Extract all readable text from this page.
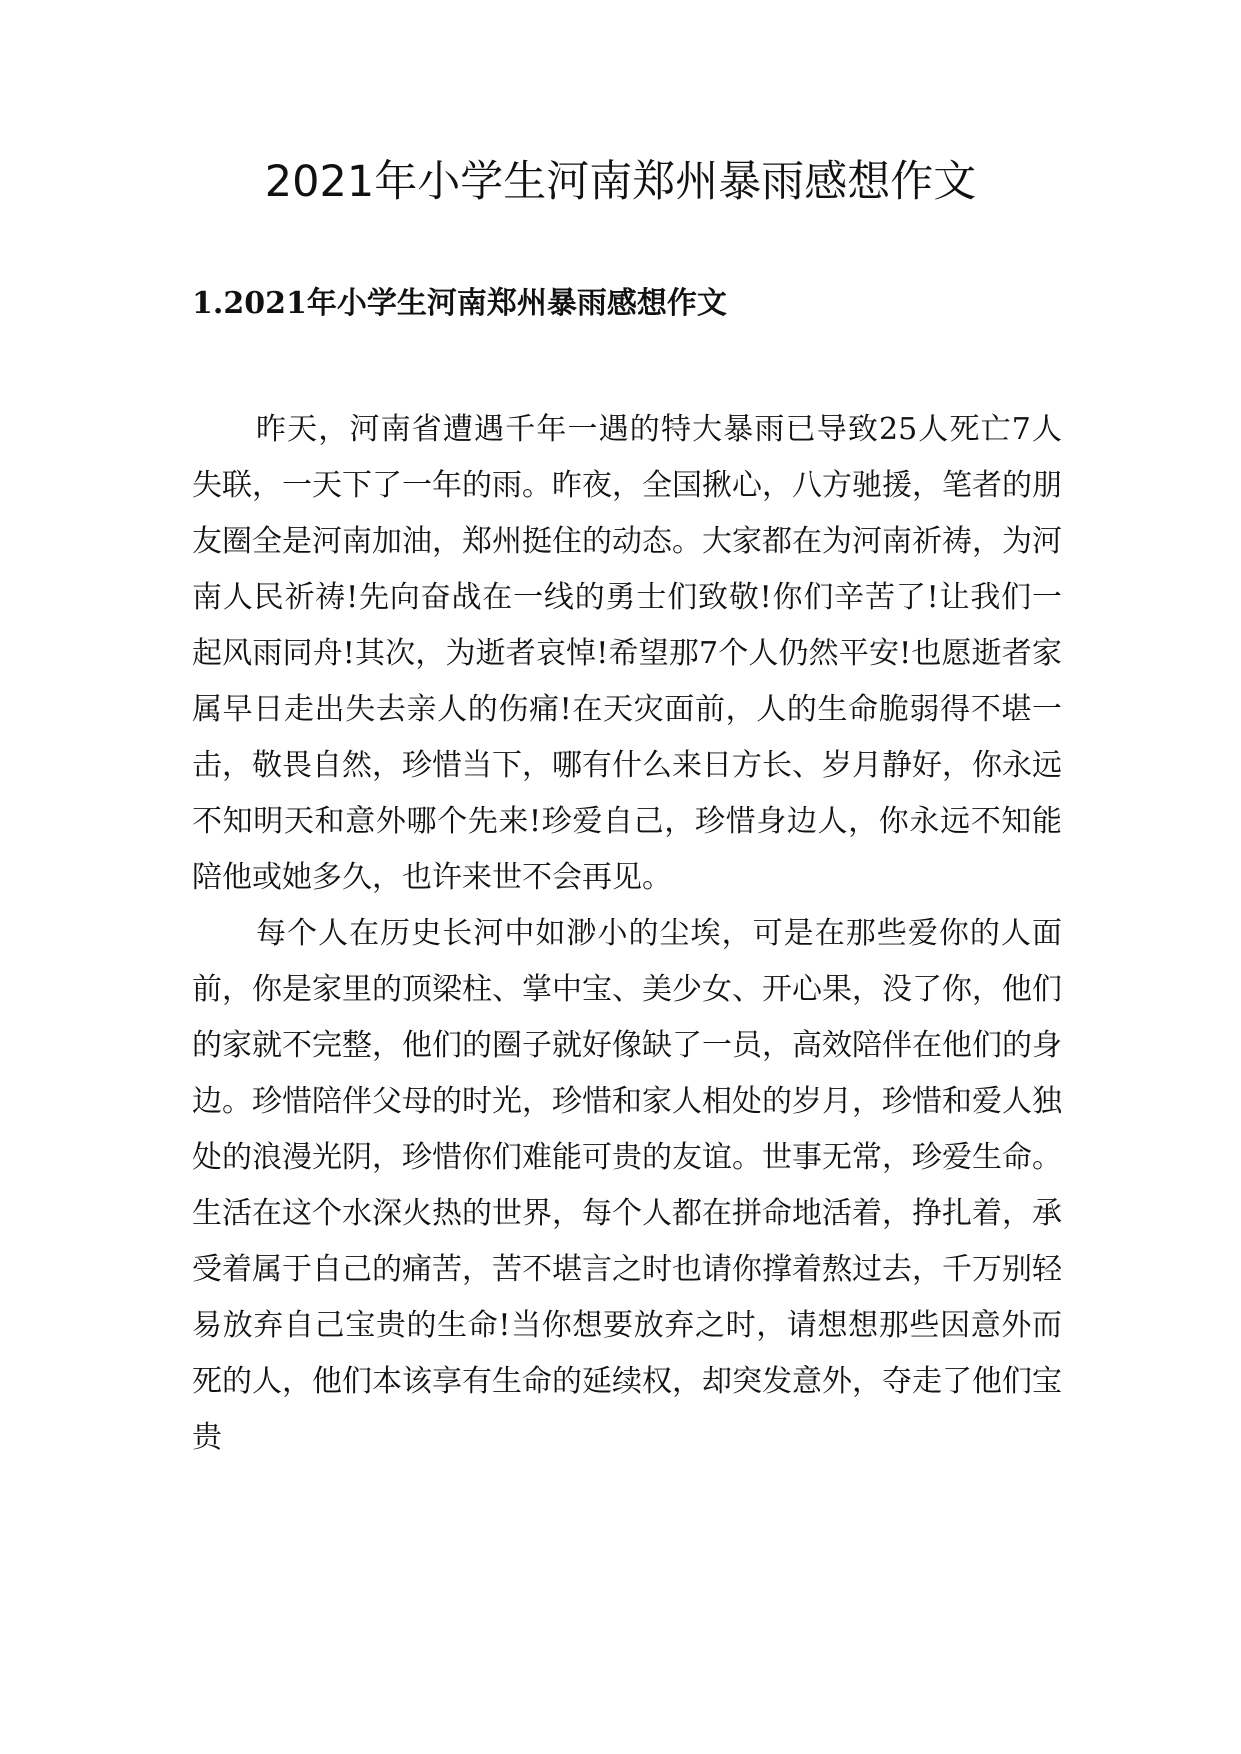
2021年小学生河南郑州暴雨感想作文
1.2021年小学生河南郑州暴雨感想作文

昨天，河南省遭遇千年一遇的特大暴雨已导致25人死亡7人失联，一天下了一年的雨。昨夜，全国揪心，八方驰援，笔者的朋友圈全是河南加油，郑州挺住的动态。大家都在为河南祈祷，为河南人民祈祷!先向奋战在一线的勇士们致敬!你们辛苦了!让我们一起风雨同舟!其次，为逝者哀悼!希望那7个人仍然平安!也愿逝者家属早日走出失去亲人的伤痛!在天灾面前，人的生命脆弱得不堪一击，敬畏自然，珍惜当下，哪有什么来日方长、岁月静好，你永远不知明天和意外哪个先来!珍爱自己，珍惜身边人，你永远不知能陪他或她多久，也许来世不会再见。

每个人在历史长河中如渺小的尘埃，可是在那些爱你的人面前，你是家里的顶梁柱、掌中宝、美少女、开心果，没了你，他们的家就不完整，他们的圈子就好像缺了一员，高效陪伴在他们的身边。珍惜陪伴父母的时光，珍惜和家人相处的岁月，珍惜和爱人独处的浪漫光阴，珍惜你们难能可贵的友谊。世事无常，珍爱生命。生活在这个水深火热的世界，每个人都在拼命地活着，挣扎着，承受着属于自己的痛苦，苦不堪言之时也请你撑着熬过去，千万别轻易放弃自己宝贵的生命!当你想要放弃之时，请想想那些因意外而死的人，他们本该享有生命的延续权，却突发意外，夺走了他们宝贵
